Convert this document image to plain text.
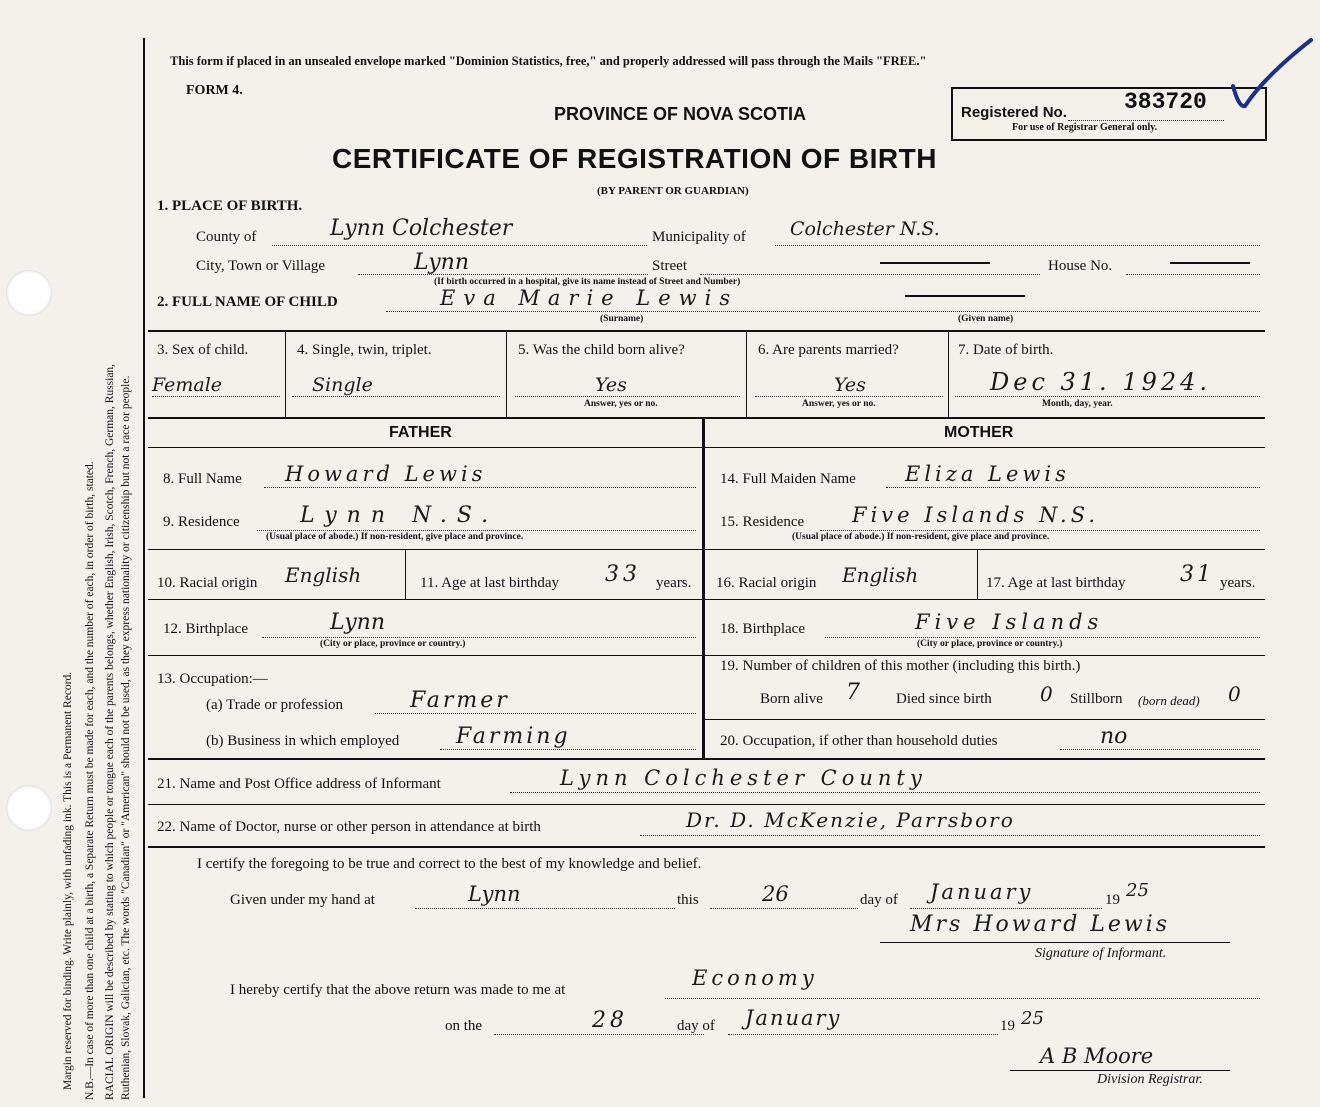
Margin reserved for binding. Write plainly, with unfading ink. This is a Permanent Record. N.B.—In case of more than one child at a birth, a Separate Return must be made for each, and the number of each, in order of birth, stated. RACIAL ORIGIN will be described by stating to which people or tongue each of the parents belongs, whether English, Irish, Scotch, French, German, Russian, Ruthenian, Slovak, Galician, etc. The words "Canadian" or "American" should not be used, as they express nationality or citizenship but not a race or people.
This form if placed in an unsealed envelope marked "Dominion Statistics, free," and properly addressed will pass through the Mails "FREE."
FORM 4.
PROVINCE OF NOVA SCOTIA
CERTIFICATE OF REGISTRATION OF BIRTH
(BY PARENT OR GUARDIAN)
Registered No. 383720
For use of Registrar General only.
1. PLACE OF BIRTH.
County of	Lynn Colchester	Municipality of Colchester N.S.
City, Town or Village	Lynn	Street
(If birth occurred in a hospital, give its name instead of Street and Number)
House No.
2. FULL NAME OF CHILD	Eva Marie Lewis
(Surname)	(Given name)
3. Sex of child.
Female
4. Single, twin, triplet.
Single
5. Was the child born alive?
Yes
Answer, yes or no.
6. Are parents married?
Yes
Answer, yes or no.
7. Date of birth.
Dec 31. 1924.
Month, day, year.
FATHER	MOTHER
8. Full Name Howard Lewis	14. Full Maiden Name Eliza Lewis
9. Residence	Lynn N.S.
(Usual place of abode.) If non-resident, give place and province.
15. Residence Five Islands N.S.
(Usual place of abode.) If non-resident, give place and province.
10. Racial origin English	11. Age at last birthday 33 years. 16. Racial origin English	17. Age at last birthday 31 years.
12. Birthplace	Lynn
(City or place, province or country.)
18. Birthplace	Five Islands
(City or place, province or country.)
13. Occupation:—
(a) Trade or profession	Farmer
(b) Business in which employed	Farming
19. Number of children of this mother (including this birth.)
Born alive 7 Died since birth 0 Stillborn (born dead) 0
20. Occupation, if other than household duties	no
21. Name and Post Office address of Informant	Lynn Colchester County
22. Name of Doctor, nurse or other person in attendance at birth	Dr. D. McKenzie, Parrsboro
I certify the foregoing to be true and correct to the best of my knowledge and belief.
Given under my hand at	Lynn	this	26	day of January	19 25
Mrs Howard Lewis
Signature of Informant.
I hereby certify that the above return was made to me at	Economy
on the	28	day of January	19 25
A B Moore
Division Registrar.
